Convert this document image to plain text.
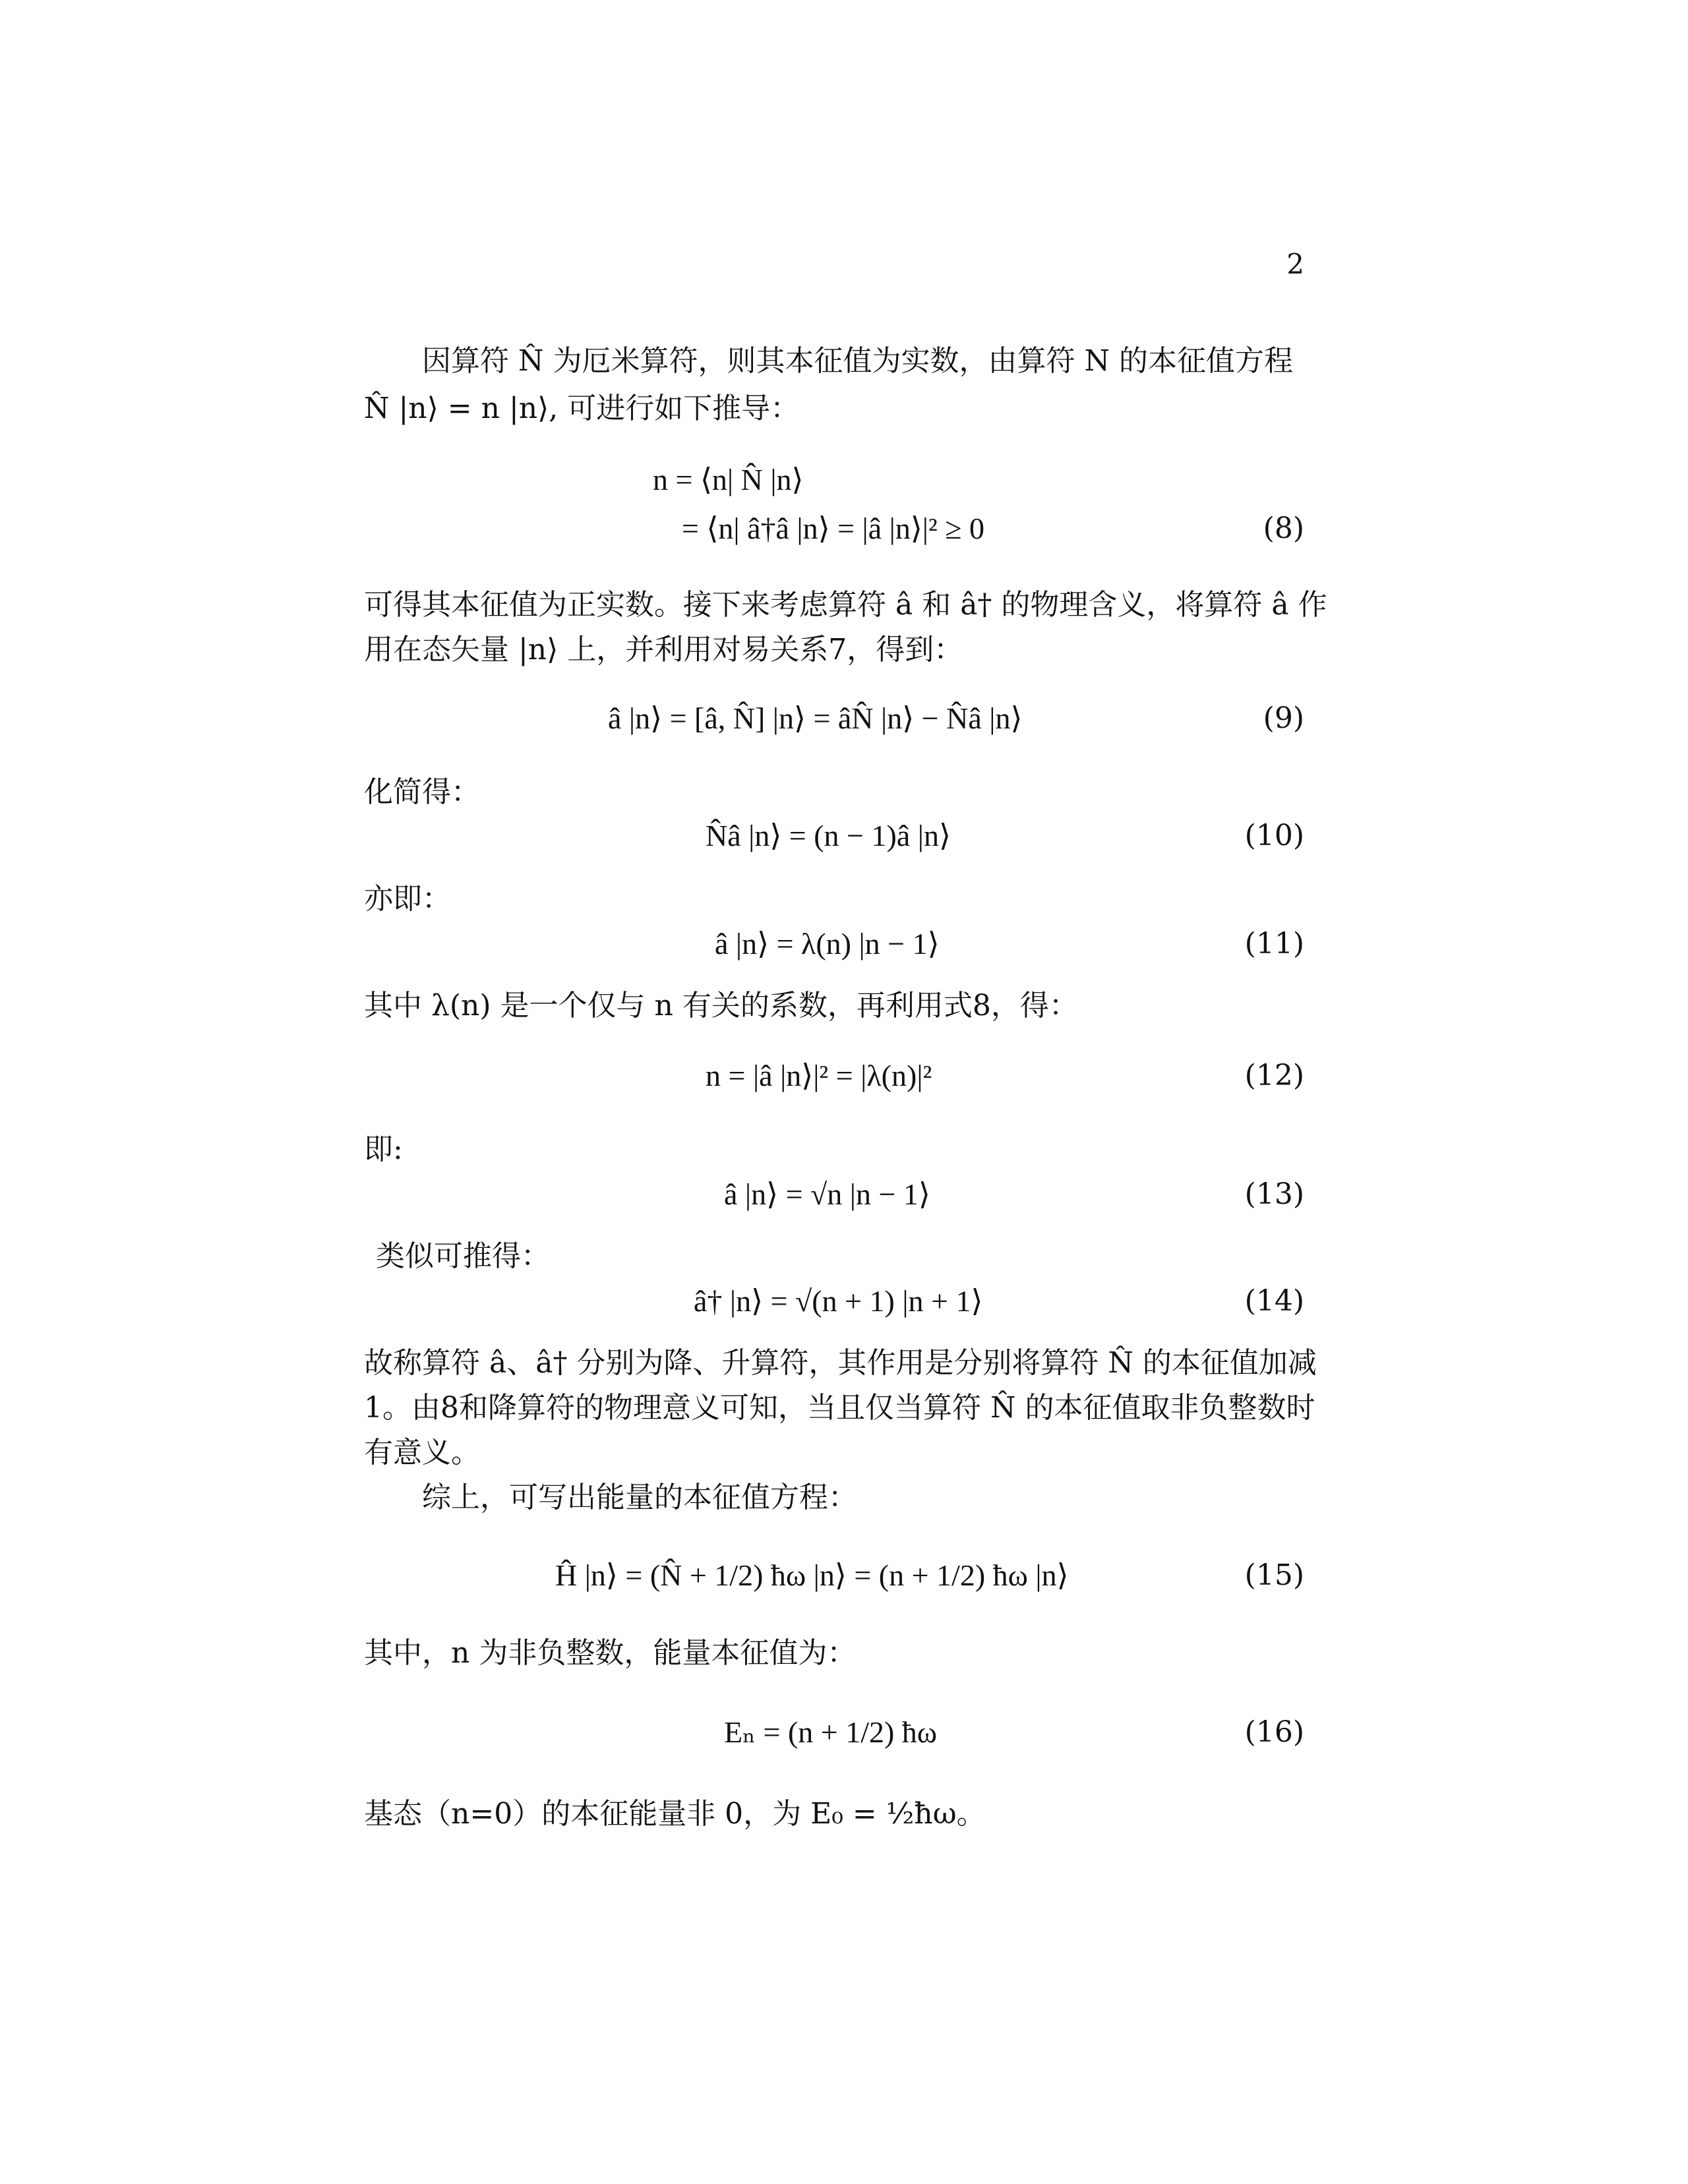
2
因算符 N̂ 为厄米算符，则其本征值为实数，由算符 N 的本征值方程
N̂ |n⟩ = n |n⟩, 可进行如下推导：
n = ⟨n| N̂ |n⟩
= ⟨n| â†â |n⟩ = |â |n⟩|² ≥ 0	(8)
可得其本征值为正实数。接下来考虑算符 â 和 â† 的物理含义，将算符 â 作
用在态矢量 |n⟩ 上，并利用对易关系7，得到：
â |n⟩ = [â, N̂] |n⟩ = âN̂ |n⟩ − N̂â |n⟩	(9)
化简得：
N̂â |n⟩ = (n − 1)â |n⟩	(10)
亦即：
â |n⟩ = λ(n) |n − 1⟩	(11)
其中 λ(n) 是一个仅与 n 有关的系数，再利用式8，得：
n = |â |n⟩|² = |λ(n)|²	(12)
即:
â |n⟩ = √n |n − 1⟩	(13)
类似可推得：
â† |n⟩ = √(n + 1) |n + 1⟩	(14)
故称算符 â、â† 分别为降、升算符，其作用是分别将算符 N̂ 的本征值加减
1。由8和降算符的物理意义可知，当且仅当算符 N̂ 的本征值取非负整数时
有意义。
综上，可写出能量的本征值方程：
Ĥ |n⟩ = (N̂ + 1/2) ħω |n⟩ = (n + 1/2) ħω |n⟩	(15)
其中，n 为非负整数，能量本征值为：
Eₙ = (n + 1/2) ħω	(16)
基态（n=0）的本征能量非 0，为 E₀ = ½ħω。
